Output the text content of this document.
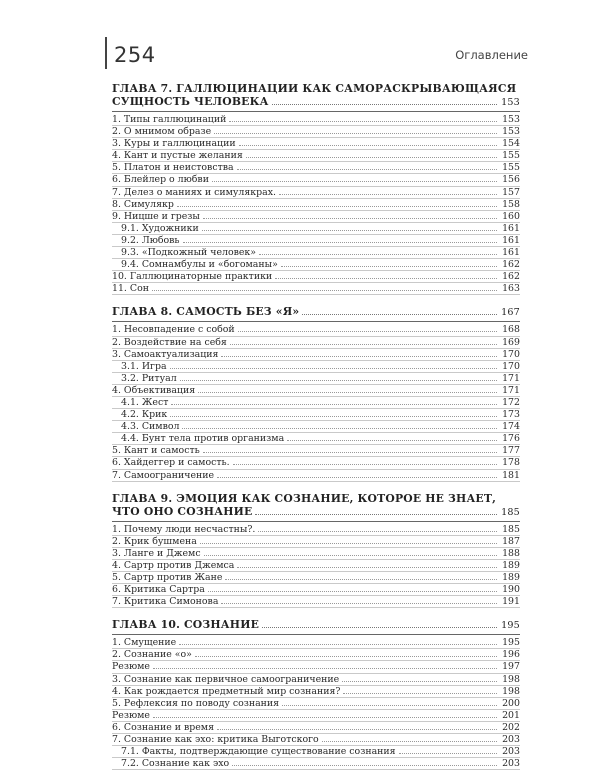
254	Оглавление
ГЛАВА 7. ГАЛЛЮЦИНАЦИИ КАК САМОРАСКРЫВАЮЩАЯСЯ
СУЩНОСТЬ ЧЕЛОВЕКА	153
1. Типы галлюцинаций	153
2. О мнимом образе	153
3. Куры и галлюцинации	154
4. Кант и пустые желания	155
5. Платон и неистовства	155
6. Блейлер о любви	156
7. Делез о маниях и симулякрах.	157
8. Симулякр	158
9. Ницше и грезы	160
9.1. Художники	161
9.2. Любовь	161
9.3. «Подкожный человек»	161
9.4. Сомнамбулы и «богоманы»	162
10. Галлюцинаторные практики	162
11. Сон	163
ГЛАВА 8. САМОСТЬ БЕЗ «Я»	167
1. Несовпадение с собой	168
2. Воздействие на себя	169
3. Самоактуализация	170
3.1. Игра	170
3.2. Ритуал	171
4. Объективация	171
4.1. Жест	172
4.2. Крик	173
4.3. Символ	174
4.4. Бунт тела против организма	176
5. Кант и самость	177
6. Хайдеггер и самость.	178
7. Самоограничение	181
ГЛАВА 9. ЭМОЦИЯ КАК СОЗНАНИЕ, КОТОРОЕ НЕ ЗНАЕТ,
ЧТО ОНО СОЗНАНИЕ	185
1. Почему люди несчастны?.	185
2. Крик бушмена	187
3. Ланге и Джемс	188
4. Сартр против Джемса	189
5. Сартр против Жане	189
6. Критика Сартра	190
7. Критика Симонова	191
ГЛАВА 10. СОЗНАНИЕ	195
1. Смущение	195
2. Сознание «о»	196
Резюме	197
3. Сознание как первичное самоограничение	198
4. Как рождается предметный мир сознания?	198
5. Рефлексия по поводу сознания	200
Резюме	201
6. Сознание и время	202
7. Сознание как эхо: критика Выготского	203
7.1. Факты, подтверждающие существование сознания	203
7.2. Сознание как эхо	203
